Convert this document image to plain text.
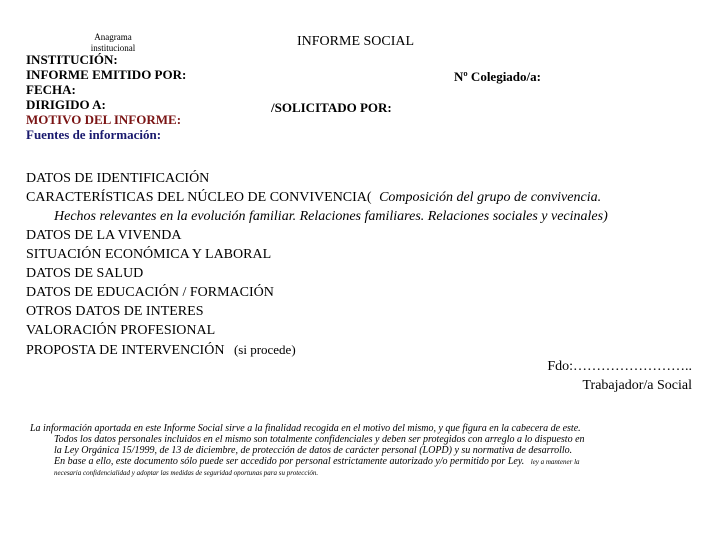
Anagrama
institucional	INFORME SOCIAL
INSTITUCIÓN:
INFORME EMITIDO POR:
FECHA:
DIRIGIDO A:
MOTIVO DEL INFORME:
Fuentes de información:
Nº Colegiado/a:
/SOLICITADO POR:
DATOS DE IDENTIFICACIÓN
CARACTERÍSTICAS DEL NÚCLEO DE CONVIVENCIA( Composición del grupo de convivencia.
Hechos relevantes en la evolución familiar. Relaciones familiares. Relaciones sociales y vecinales)
DATOS DE LA VIVENDA
SITUACIÓN ECONÓMICA Y LABORAL
DATOS DE SALUD
DATOS DE EDUCACIÓN / FORMACIÓN
OTROS DATOS DE INTERES
VALORACIÓN PROFESIONAL
PROPOSTA DE INTERVENCIÓN (si procede)
Fdo:……………………..
Trabajador/a Social
La información aportada en este Informe Social sirve a la finalidad recogida en el motivo del mismo, y que figura en la cabecera de este.
Todos los datos personales incluidos en el mismo son totalmente confidenciales y deben ser protegidos con arreglo a lo dispuesto en
la Ley Orgánica 15/1999, de 13 de diciembre, de protección de datos de carácter personal (LOPD) y su normativa de desarrollo.
En base a ello, este documento sólo puede ser accedido por personal estrictamente autorizado y/o permitido por Ley. ley a mantener la
necesaria confidencialidad y adoptar las medidas de seguridad oportunas para su protección.
